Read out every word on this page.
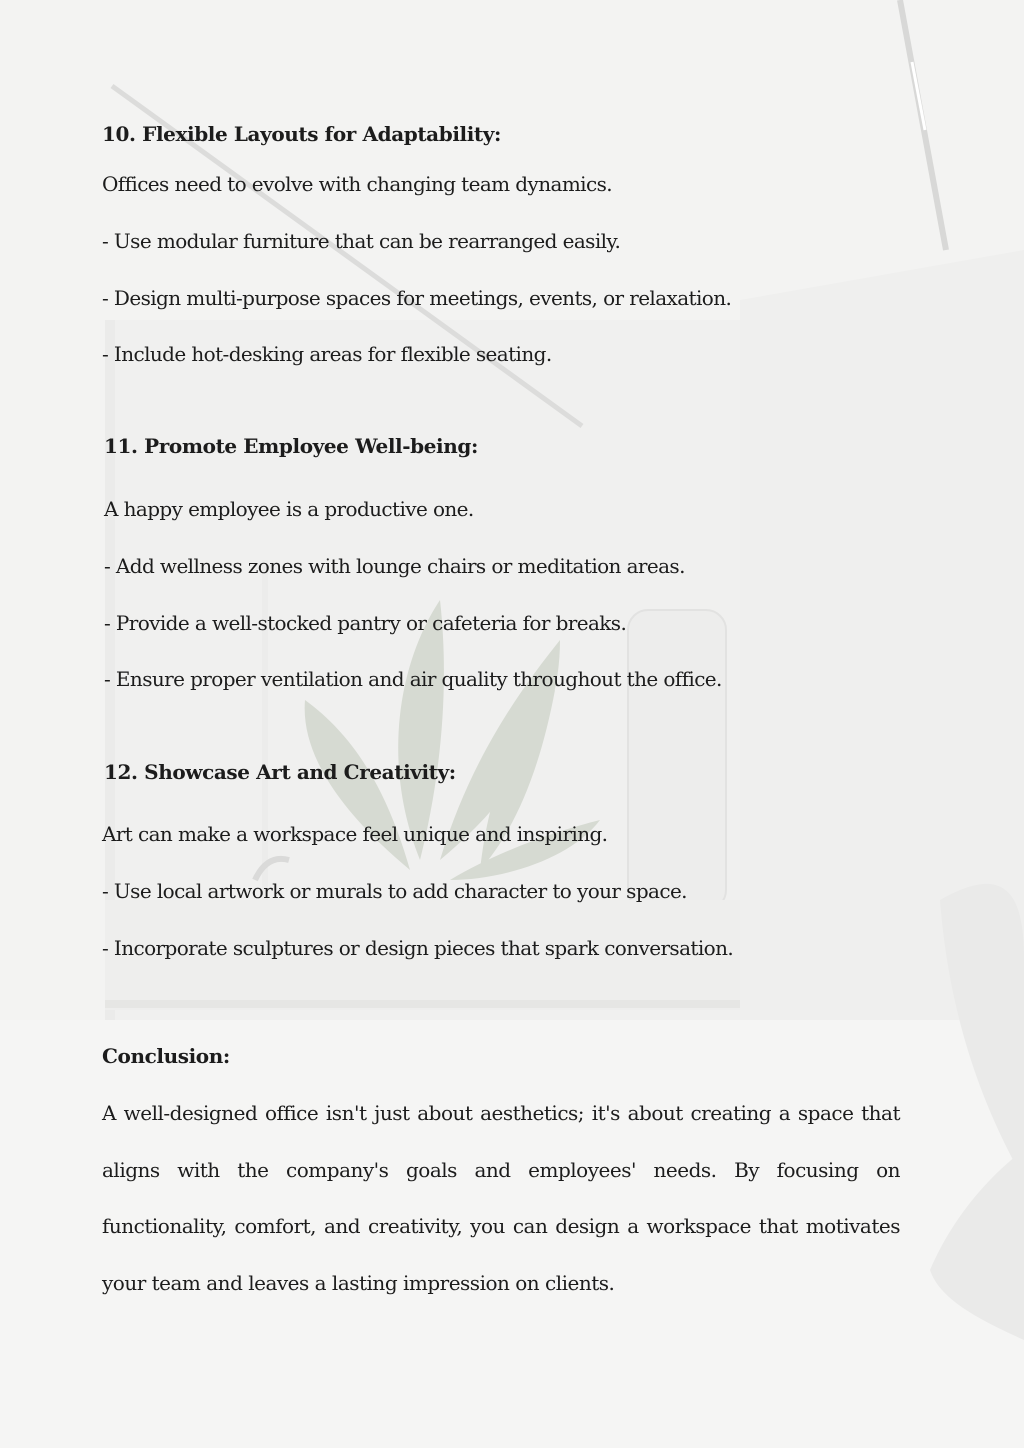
10. Flexible Layouts for Adaptability:

Offices need to evolve with changing team dynamics.

- Use modular furniture that can be rearranged easily.

- Design multi-purpose spaces for meetings, events, or relaxation.

- Include hot-desking areas for flexible seating.

11. Promote Employee Well-being:

A happy employee is a productive one.

- Add wellness zones with lounge chairs or meditation areas.

- Provide a well-stocked pantry or cafeteria for breaks.

- Ensure proper ventilation and air quality throughout the office.

12. Showcase Art and Creativity:

Art can make a workspace feel unique and inspiring.

- Use local artwork or murals to add character to your space.

- Incorporate sculptures or design pieces that spark conversation.

Conclusion:

A well-designed office isn't just about aesthetics; it's about creating a space that aligns with the company's goals and employees' needs. By focusing on functionality, comfort, and creativity, you can design a workspace that motivates your team and leaves a lasting impression on clients.
